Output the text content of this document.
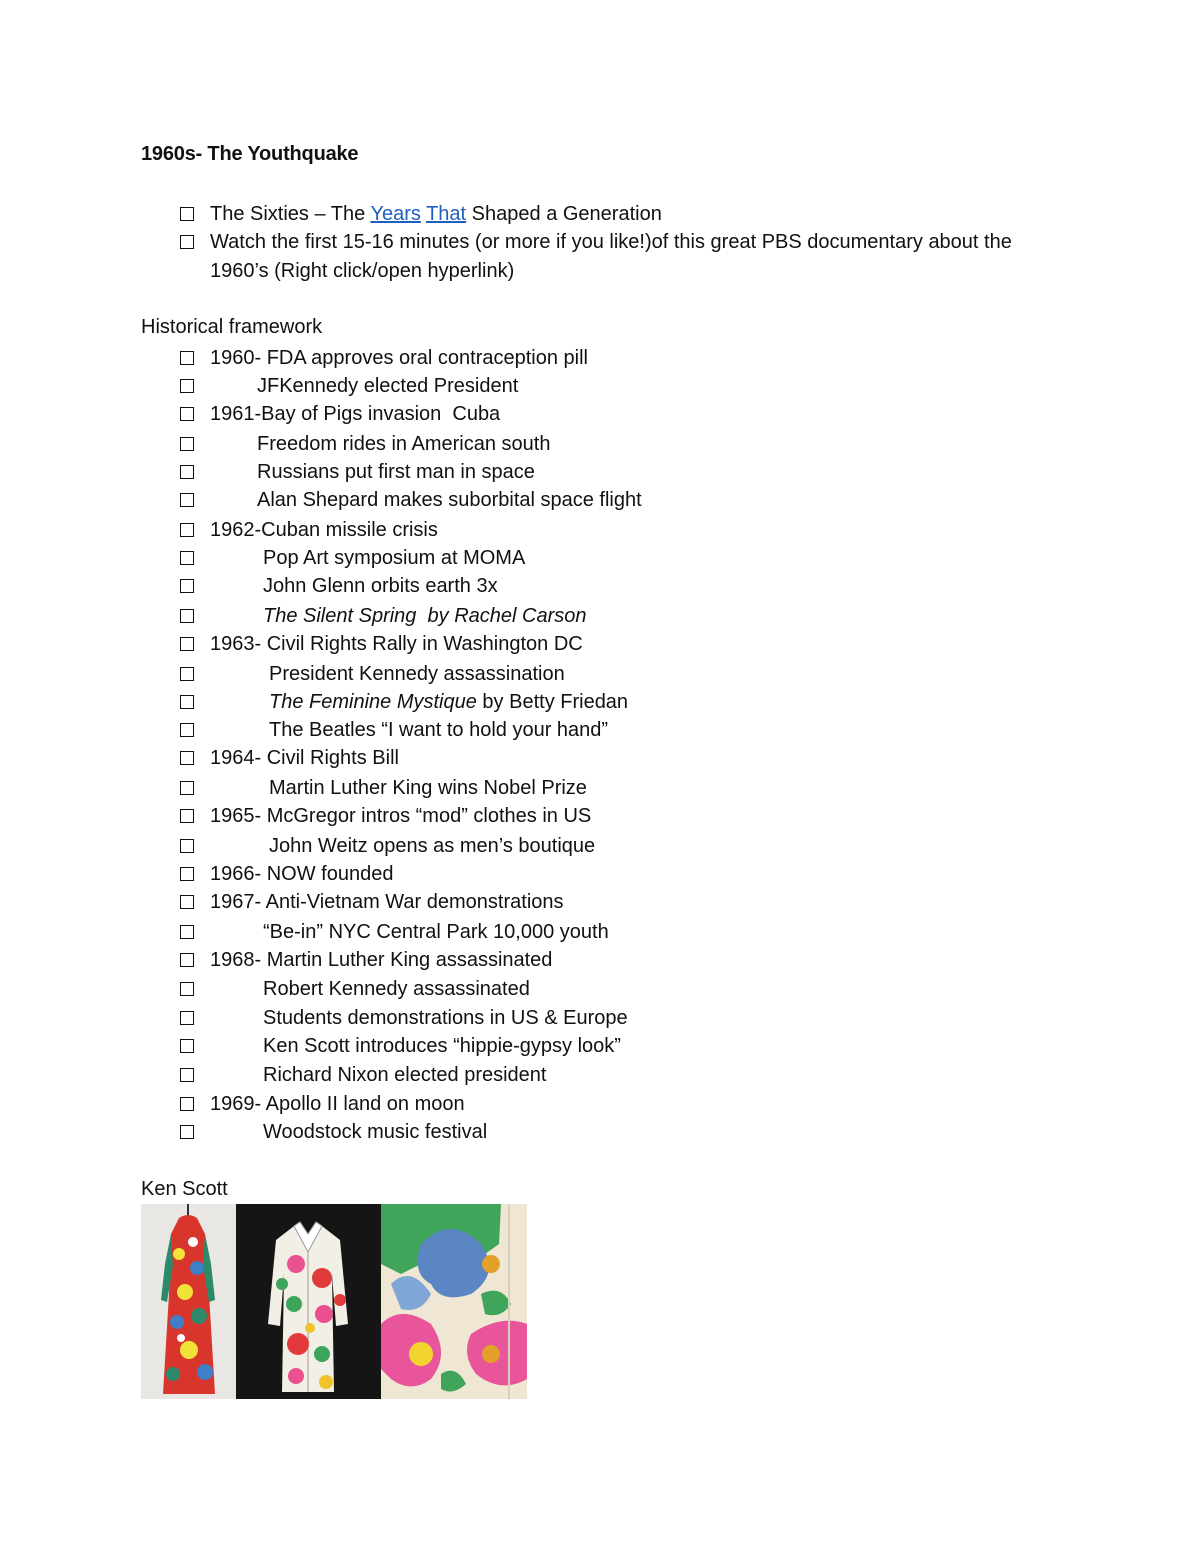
1960s- The Youthquake
The Sixties – The Years That Shaped a Generation
Watch the first 15-16 minutes (or more if you like!)of this great PBS documentary about the 1960’s (Right click/open hyperlink)
Historical framework
1960- FDA approves oral contraception pill
JFKennedy elected President
1961-Bay of Pigs invasion  Cuba
Freedom rides in American south
Russians put first man in space
Alan Shepard makes suborbital space flight
1962-Cuban missile crisis
Pop Art symposium at MOMA
John Glenn orbits earth 3x
The Silent Spring  by Rachel Carson
1963- Civil Rights Rally in Washington DC
President Kennedy assassination
The Feminine Mystique by Betty Friedan
The Beatles “I want to hold your hand”
1964- Civil Rights Bill
Martin Luther King wins Nobel Prize
1965- McGregor intros “mod” clothes in US
John Weitz opens as men’s boutique
1966- NOW founded
1967- Anti-Vietnam War demonstrations
“Be-in” NYC Central Park 10,000 youth
1968- Martin Luther King assassinated
Robert Kennedy assassinated
Students demonstrations in US & Europe
Ken Scott introduces “hippie-gypsy look”
Richard Nixon elected president
1969- Apollo II land on moon
Woodstock music festival
Ken Scott
